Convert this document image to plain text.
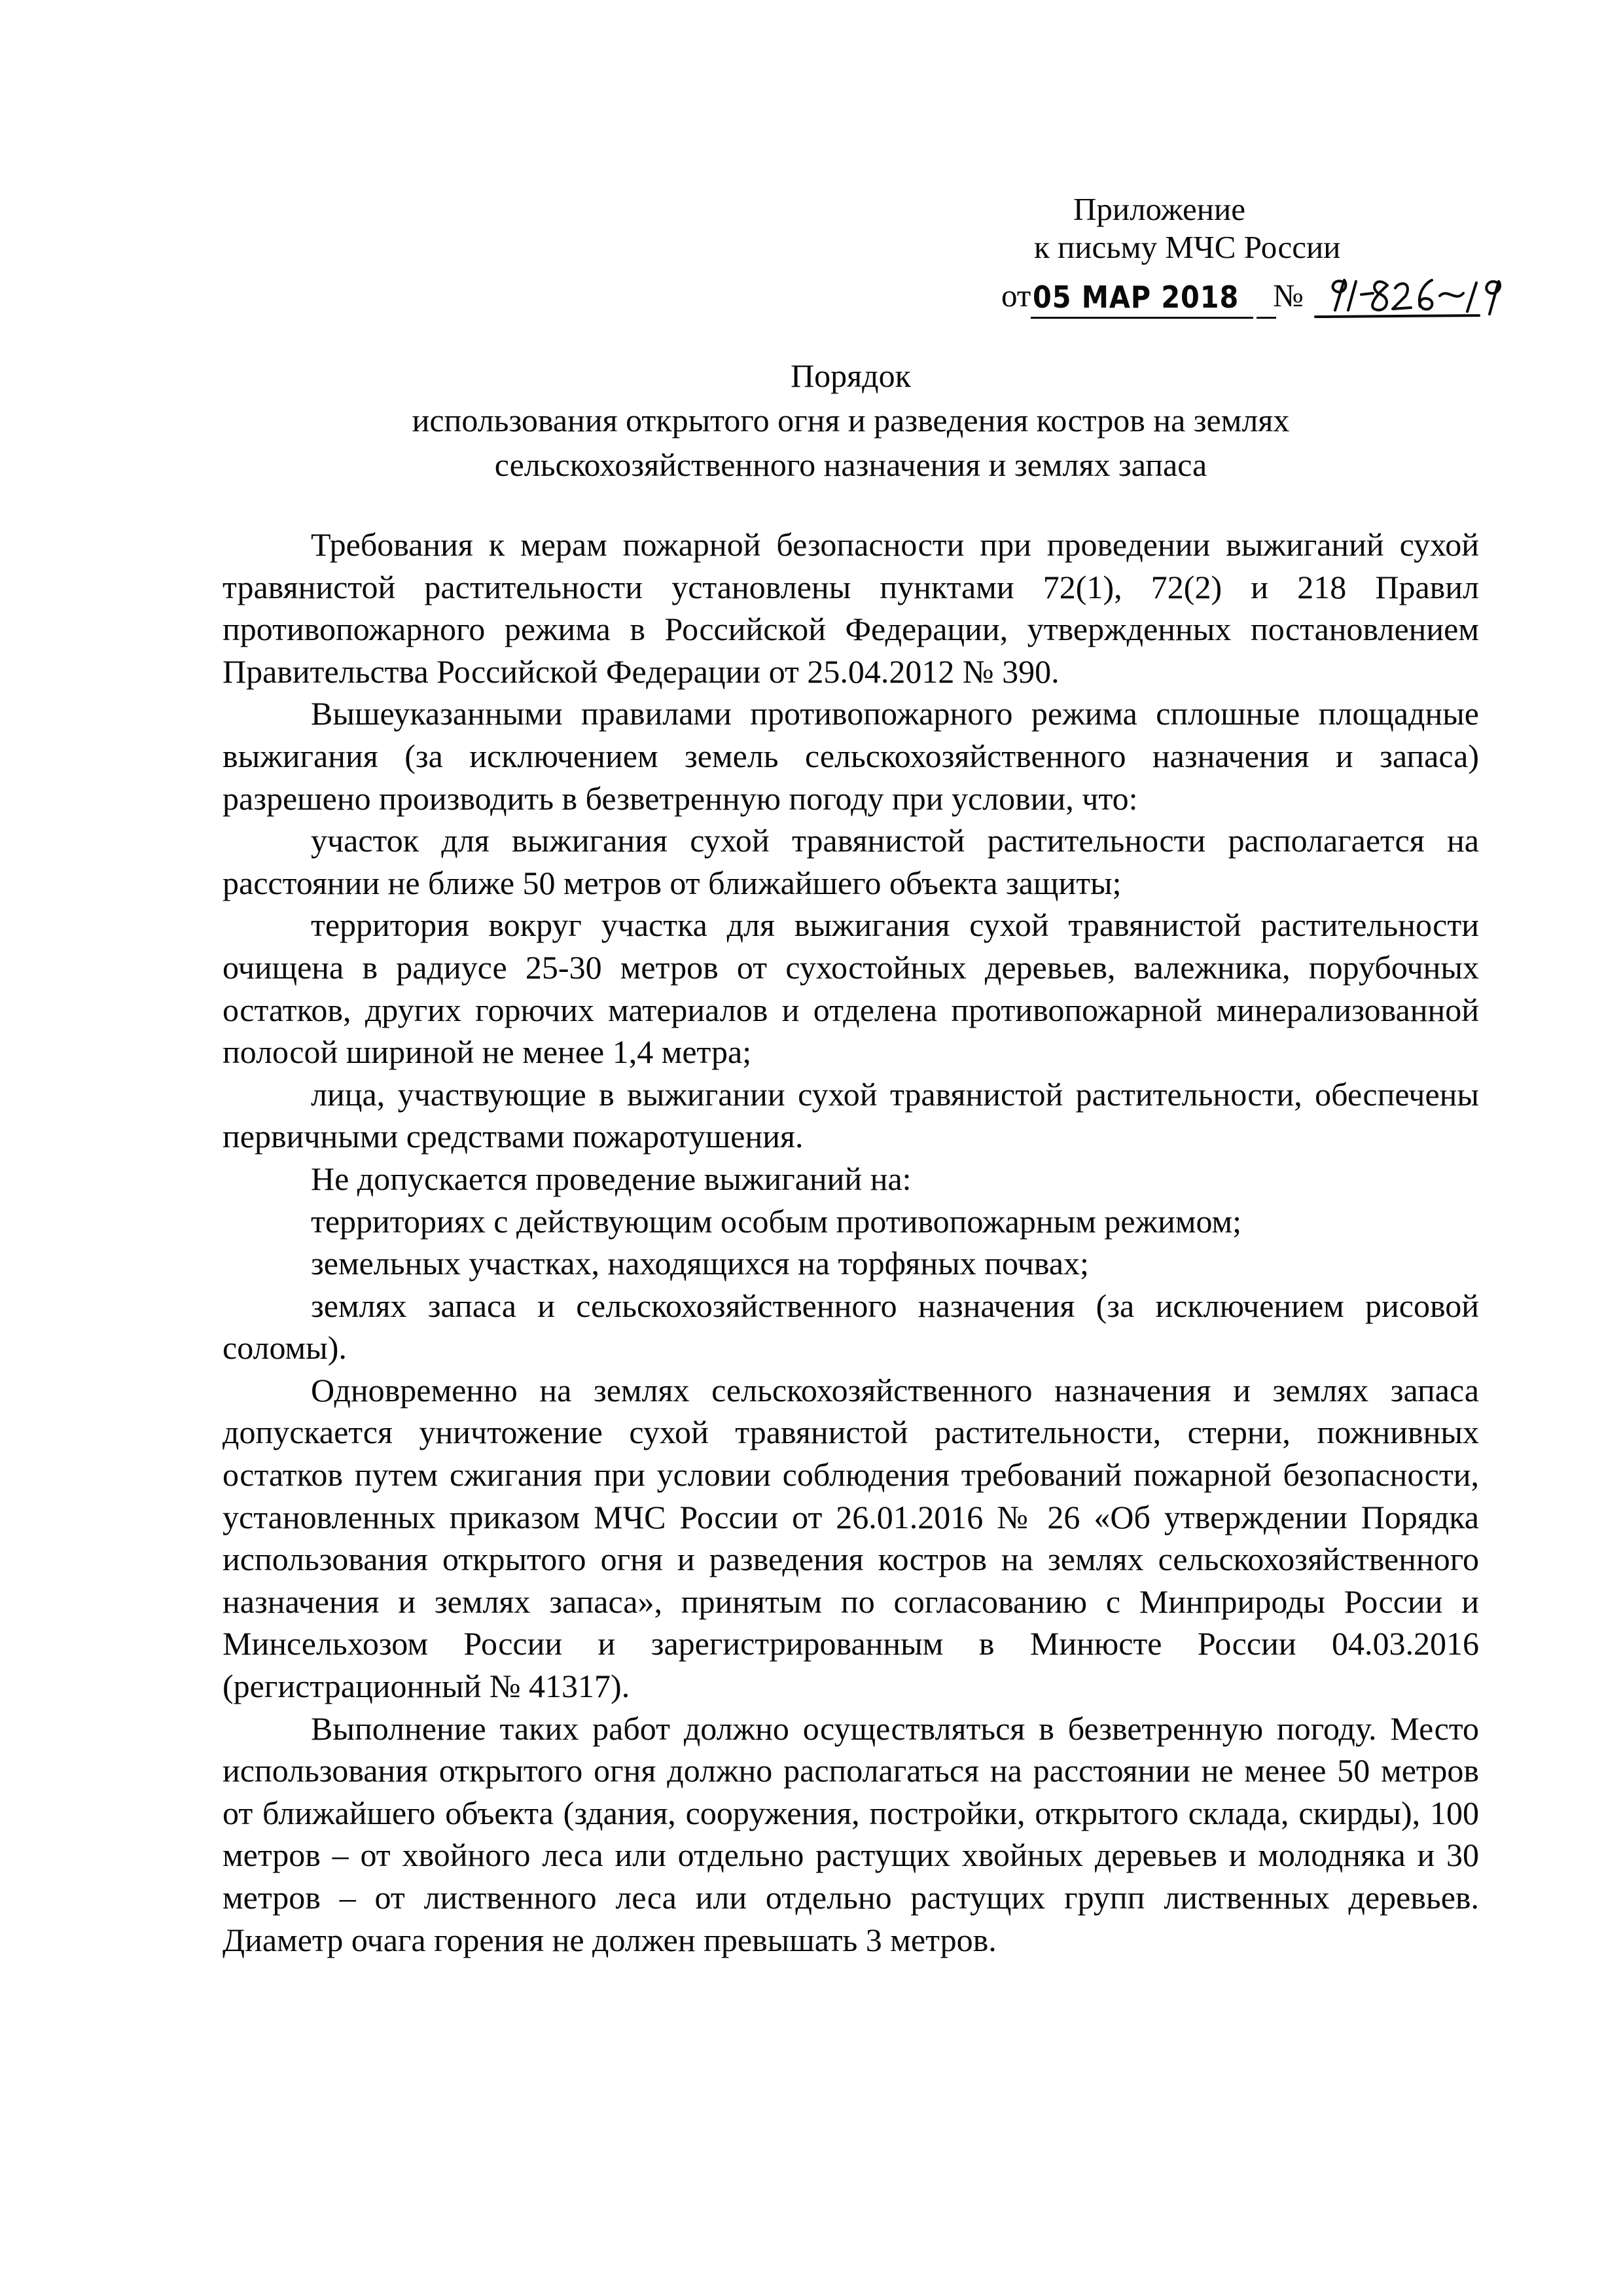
Приложение
к письму МЧС России
от 05 МАР 2018 №
Порядок
использования открытого огня и разведения костров на землях
сельскохозяйственного назначения и землях запаса

Требования к мерам пожарной безопасности при проведении выжиганий сухой травянистой растительности установлены пунктами 72(1), 72(2) и 218 Правил противопожарного режима в Российской Федерации, утвержденных постановлением Правительства Российской Федерации от 25.04.2012 № 390.

Вышеуказанными правилами противопожарного режима сплошные площадные выжигания (за исключением земель сельскохозяйственного назначения и запаса) разрешено производить в безветренную погоду при условии, что:

участок для выжигания сухой травянистой растительности располагается на расстоянии не ближе 50 метров от ближайшего объекта защиты;

территория вокруг участка для выжигания сухой травянистой растительности очищена в радиусе 25-30 метров от сухостойных деревьев, валежника, порубочных остатков, других горючих материалов и отделена противопожарной минерализованной полосой шириной не менее 1,4 метра;

лица, участвующие в выжигании сухой травянистой растительности, обеспечены первичными средствами пожаротушения.

Не допускается проведение выжиганий на:

территориях с действующим особым противопожарным режимом;

земельных участках, находящихся на торфяных почвах;

землях запаса и сельскохозяйственного назначения (за исключением рисовой соломы).

Одновременно на землях сельскохозяйственного назначения и землях запаса допускается уничтожение сухой травянистой растительности, стерни, пожнивных остатков путем сжигания при условии соблюдения требований пожарной безопасности, установленных приказом МЧС России от 26.01.2016 № 26 «Об утверждении Порядка использования открытого огня и разведения костров на землях сельскохозяйственного назначения и землях запаса», принятым по согласованию с Минприроды России и Минсельхозом России и зарегистрированным в Минюсте России 04.03.2016 (регистрационный № 41317).

Выполнение таких работ должно осуществляться в безветренную погоду. Место использования открытого огня должно располагаться на расстоянии не менее 50 метров от ближайшего объекта (здания, сооружения, постройки, открытого склада, скирды), 100 метров – от хвойного леса или отдельно растущих хвойных деревьев и молодняка и 30 метров – от лиственного леса или отдельно растущих групп лиственных деревьев. Диаметр очага горения не должен превышать 3 метров.
